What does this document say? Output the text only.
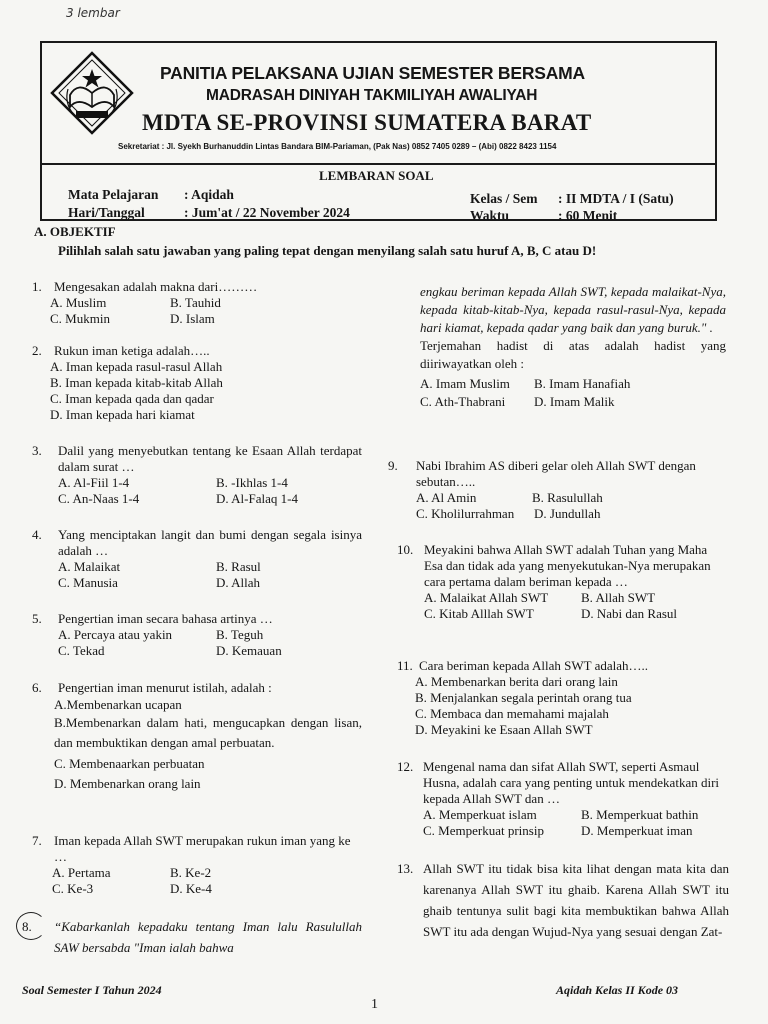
3 lembar
PANITIA PELAKSANA UJIAN SEMESTER BERSAMA
MADRASAH DINIYAH TAKMILIYAH AWALIYAH
MDTA SE-PROVINSI SUMATERA BARAT
Sekretariat : Jl. Syekh Burhanuddin Lintas Bandara BIM-Pariaman, (Pak Nas) 0852 7405 0289 – (Abi) 0822 8423 1154
LEMBARAN SOAL
Mata Pelajaran : Aqidah
Hari/Tanggal	: Jum'at / 22 November 2024
Kelas / Sem : II MDTA / I (Satu)
Waktu	: 60 Menit
A. OBJEKTIF
Pilihlah salah satu jawaban yang paling tepat dengan menyilang salah satu huruf A, B, C atau D!
1. Mengesakan adalah makna dari………
A. Muslim	B. Tauhid
C. Mukmin	D. Islam
2. Rukun iman ketiga adalah…..
A. Iman kepada rasul-rasul Allah
B. Iman kepada kitab-kitab Allah
C. Iman kepada qada dan qadar
D. Iman kepada hari kiamat
3.	Dalil yang menyebutkan tentang ke Esaan Allah terdapat dalam surat …
A. Al-Fiil 1-4	B. -Ikhlas 1-4
C. An-Naas 1-4	D. Al-Falaq 1-4
4.	Yang menciptakan langit dan bumi dengan segala isinya adalah …
A. Malaikat	B. Rasul
C. Manusia	D. Allah
5.	Pengertian iman secara bahasa artinya …
A. Percaya atau yakin	B. Teguh
C. Tekad	D. Kemauan
6.	Pengertian iman menurut istilah, adalah :
A.Membenarkan ucapan
B.Membenarkan dalam hati, mengucapkan dengan lisan, dan membuktikan dengan amal perbuatan.
C. Membenaarkan perbuatan
D. Membenarkan orang lain
7. Iman kepada Allah SWT merupakan rukun iman yang ke …
A. Pertama	B. Ke-2
C. Ke-3	D. Ke-4
8.	“Kabarkanlah kepadaku tentang Iman lalu Rasulullah SAW bersabda "Iman ialah bahwa
engkau beriman kepada Allah SWT, kepada malaikat-Nya, kepada kitab-kitab-Nya, kepada rasul-rasul-Nya, kepada hari kiamat, kepada qadar yang baik dan yang buruk." .
Terjemahan hadist di atas adalah hadist yang diiriwayatkan oleh :
A. Imam Muslim	B. Imam Hanafiah
C. Ath-Thabrani	D. Imam Malik
9.	Nabi Ibrahim AS diberi gelar oleh Allah SWT dengan sebutan…..
A. Al Amin	B. Rasulullah
C. Kholilurrahman	D. Jundullah
10. Meyakini bahwa Allah SWT adalah Tuhan yang Maha Esa dan tidak ada yang menyekutukan-Nya merupakan cara pertama dalam beriman kepada …
A. Malaikat Allah SWT	B. Allah SWT
C. Kitab Alllah SWT	D. Nabi dan Rasul
11. Cara beriman kepada Allah SWT adalah…..
A. Membenarkan berita dari orang lain
B. Menjalankan segala perintah orang tua
C. Membaca dan memahami majalah
D. Meyakini ke Esaan Allah SWT
12. Mengenal nama dan sifat Allah SWT, seperti Asmaul Husna, adalah cara yang penting untuk mendekatkan diri kepada Allah SWT dan …
A. Memperkuat islam	B. Memperkuat bathin
C. Memperkuat prinsip	D. Memperkuat iman
13. Allah SWT itu tidak bisa kita lihat dengan mata kita dan karenanya Allah SWT itu ghaib. Karena Allah SWT itu ghaib tentunya sulit bagi kita membuktikan bahwa Allah SWT itu ada dengan Wujud-Nya yang sesuai dengan Zat-
Soal Semester I Tahun 2024	Aqidah Kelas II Kode 03
1
